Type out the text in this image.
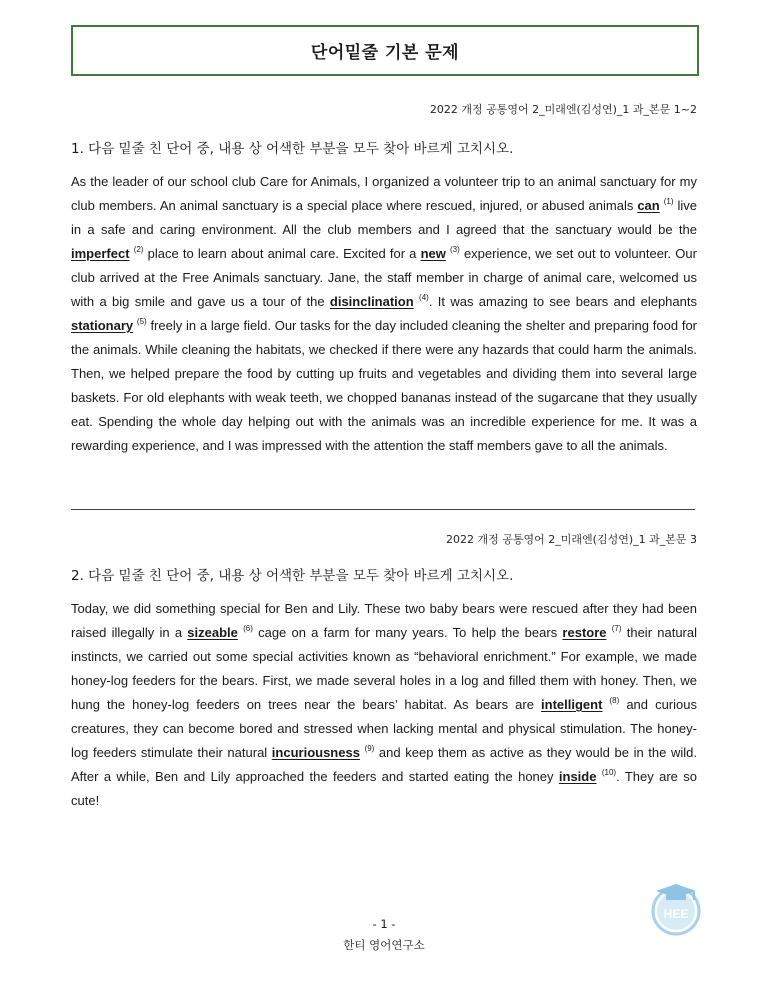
단어밑줄 기본 문제
2022 개정 공통영어 2_미래엔(김성연)_1 과_본문 1~2
1. 다음 밑줄 친 단어 중, 내용 상 어색한 부분을 모두 찾아 바르게 고치시오.
As the leader of our school club Care for Animals, I organized a volunteer trip to an animal sanctuary for my club members. An animal sanctuary is a special place where rescued, injured, or abused animals can $^{(1)}$ live in a safe and caring environment. All the club members and I agreed that the sanctuary would be the imperfect $^{(2)}$ place to learn about animal care. Excited for a new $^{(3)}$ experience, we set out to volunteer. Our club arrived at the Free Animals sanctuary. Jane, the staff member in charge of animal care, welcomed us with a big smile and gave us a tour of the disinclination $^{(4)}$. It was amazing to see bears and elephants stationary $^{(5)}$ freely in a large field. Our tasks for the day included cleaning the shelter and preparing food for the animals. While cleaning the habitats, we checked if there were any hazards that could harm the animals. Then, we helped prepare the food by cutting up fruits and vegetables and dividing them into several large baskets. For old elephants with weak teeth, we chopped bananas instead of the sugarcane that they usually eat. Spending the whole day helping out with the animals was an incredible experience for me. It was a rewarding experience, and I was impressed with the attention the staff members gave to all the animals.
2022 개정 공통영어 2_미래엔(김성연)_1 과_본문 3
2. 다음 밑줄 친 단어 중, 내용 상 어색한 부분을 모두 찾아 바르게 고치시오.
Today, we did something special for Ben and Lily. These two baby bears were rescued after they had been raised illegally in a sizeable $^{(6)}$ cage on a farm for many years. To help the bears restore $^{(7)}$ their natural instincts, we carried out some special activities known as “behavioral enrichment.” For example, we made honey-log feeders for the bears. First, we made several holes in a log and filled them with honey. Then, we hung the honey-log feeders on trees near the bears’ habitat. As bears are intelligent $^{(8)}$ and curious creatures, they can become bored and stressed when lacking mental and physical stimulation. The honey-log feeders stimulate their natural incuriousness $^{(9)}$ and keep them as active as they would be in the wild. After a while, Ben and Lily approached the feeders and started eating the honey inside $^{(10)}$. They are so cute!
- 1 -
한티 영어연구소
HEE
